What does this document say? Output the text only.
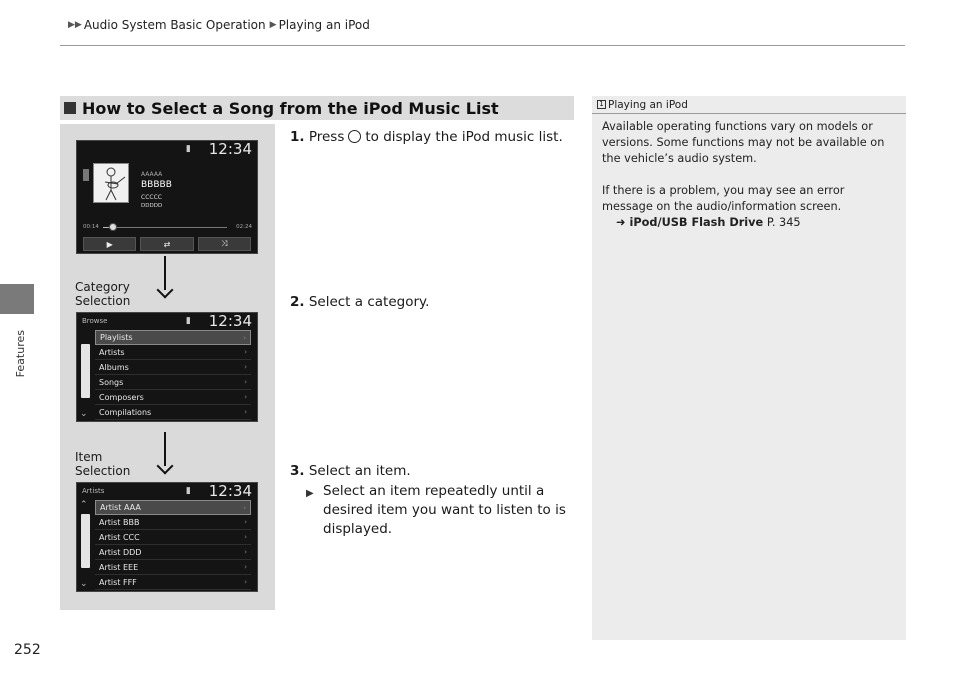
▶▶ Audio System Basic Operation ▶ Playing an iPod
Features
252
How to Select a Song from the iPod Music List
▮ 12:34
AAAAA
BBBBB
CCCCC
DDDDD
00:14	02:24
▶	⇄	⤨
Category
Selection
Browse	▮ 12:34
⌄
Playlists	›
Artists	›
Albums	›
Songs	›
Composers	›
Compilations	›
Item
Selection
Artists	▮ 12:34
⌃
⌄
Artist AAA	›
Artist BBB	›
Artist CCC	›
Artist DDD	›
Artist EEE	›
Artist FFF	›
1. Press to display the iPod music list.
2. Select a category.
3. Select an item.
▶ Select an item repeatedly until a desired item you want to listen to is displayed.
1 Playing an iPod

Available operating functions vary on models or versions. Some functions may not be available on the vehicle’s audio system.

If there is a problem, you may see an error message on the audio/information screen.

➜ iPod/USB Flash Drive P. 345
